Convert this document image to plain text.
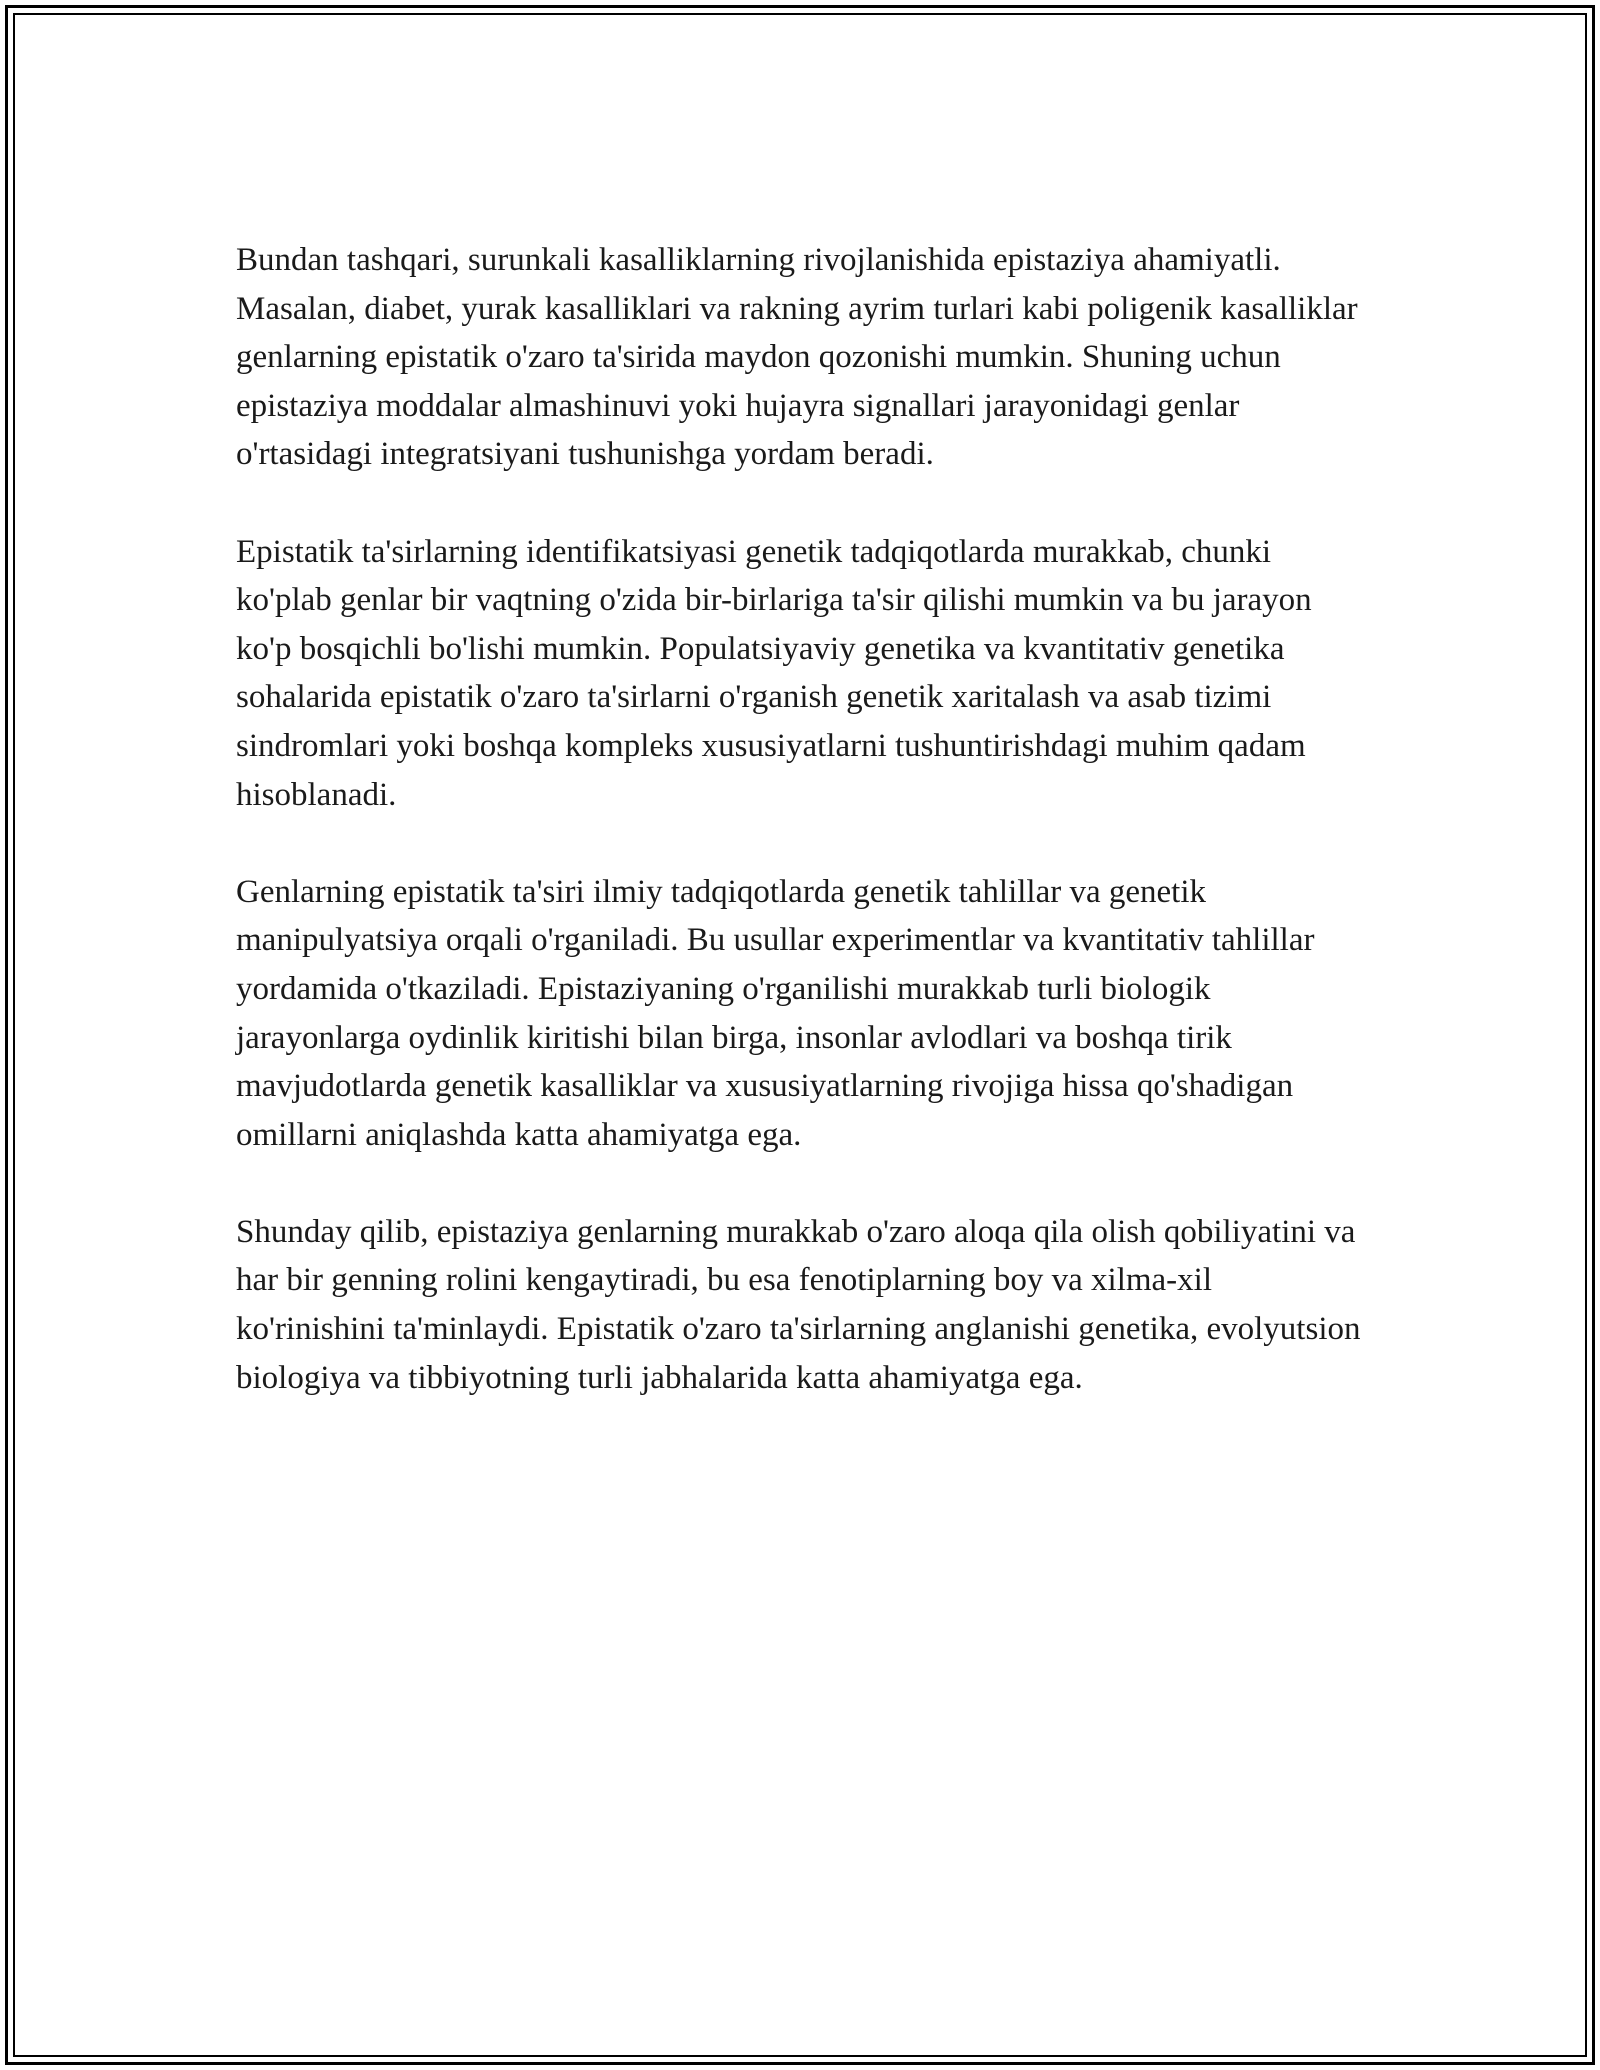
Bundan tashqari, surunkali kasalliklarning rivojlanishida epistaziya ahamiyatli. Masalan, diabet, yurak kasalliklari va rakning ayrim turlari kabi poligenik kasalliklar genlarning epistatik o'zaro ta'sirida maydon qozonishi mumkin. Shuning uchun epistaziya moddalar almashinuvi yoki hujayra signallari jarayonidagi genlar o'rtasidagi integratsiyani tushunishga yordam beradi.

Epistatik ta'sirlarning identifikatsiyasi genetik tadqiqotlarda murakkab, chunki ko'plab genlar bir vaqtning o'zida bir-birlariga ta'sir qilishi mumkin va bu jarayon ko'p bosqichli bo'lishi mumkin. Populatsiyaviy genetika va kvantitativ genetika sohalarida epistatik o'zaro ta'sirlarni o'rganish genetik xaritalash va asab tizimi sindromlari yoki boshqa kompleks xususiyatlarni tushuntirishdagi muhim qadam hisoblanadi.

Genlarning epistatik ta'siri ilmiy tadqiqotlarda genetik tahlillar va genetik manipulyatsiya orqali o'rganiladi. Bu usullar experimentlar va kvantitativ tahlillar yordamida o'tkaziladi. Epistaziyaning o'rganilishi murakkab turli biologik jarayonlarga oydinlik kiritishi bilan birga, insonlar avlodlari va boshqa tirik mavjudotlarda genetik kasalliklar va xususiyatlarning rivojiga hissa qo'shadigan omillarni aniqlashda katta ahamiyatga ega.

Shunday qilib, epistaziya genlarning murakkab o'zaro aloqa qila olish qobiliyatini va har bir genning rolini kengaytiradi, bu esa fenotiplarning boy va xilma-xil ko'rinishini ta'minlaydi. Epistatik o'zaro ta'sirlarning anglanishi genetika, evolyutsion biologiya va tibbiyotning turli jabhalarida katta ahamiyatga ega.
